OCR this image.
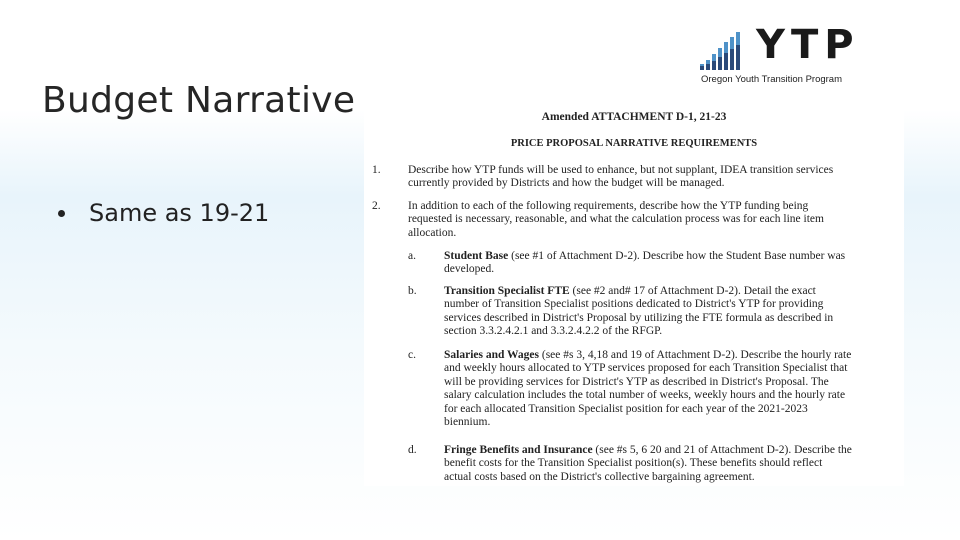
Budget Narrative
Same as 19-21
YTP
Oregon Youth Transition Program
Amended ATTACHMENT D-1, 21-23
PRICE PROPOSAL NARRATIVE REQUIREMENTS
1. Describe how YTP funds will be used to enhance, but not supplant, IDEA transition services

currently provided by Districts and how the budget will be managed.

2. In addition to each of the following requirements, describe how the YTP funding being

requested is necessary, reasonable, and what the calculation process was for each line item

allocation.

a. Student Base (see #1 of Attachment D-2). Describe how the Student Base number was

developed.

b. Transition Specialist FTE (see #2 and# 17 of Attachment D-2). Detail the exact

number of Transition Specialist positions dedicated to District's YTP for providing

services described in District's Proposal by utilizing the FTE formula as described in

section 3.3.2.4.2.1 and 3.3.2.4.2.2 of the RFGP.

c. Salaries and Wages (see #s 3, 4,18 and 19 of Attachment D-2). Describe the hourly rate

and weekly hours allocated to YTP services proposed for each Transition Specialist that

will be providing services for District's YTP as described in District's Proposal. The

salary calculation includes the total number of weeks, weekly hours and the hourly rate

for each allocated Transition Specialist position for each year of the 2021-2023

biennium.

d. Fringe Benefits and Insurance (see #s 5, 6 20 and 21 of Attachment D-2). Describe the

benefit costs for the Transition Specialist position(s). These benefits should reflect

actual costs based on the District's collective bargaining agreement.
